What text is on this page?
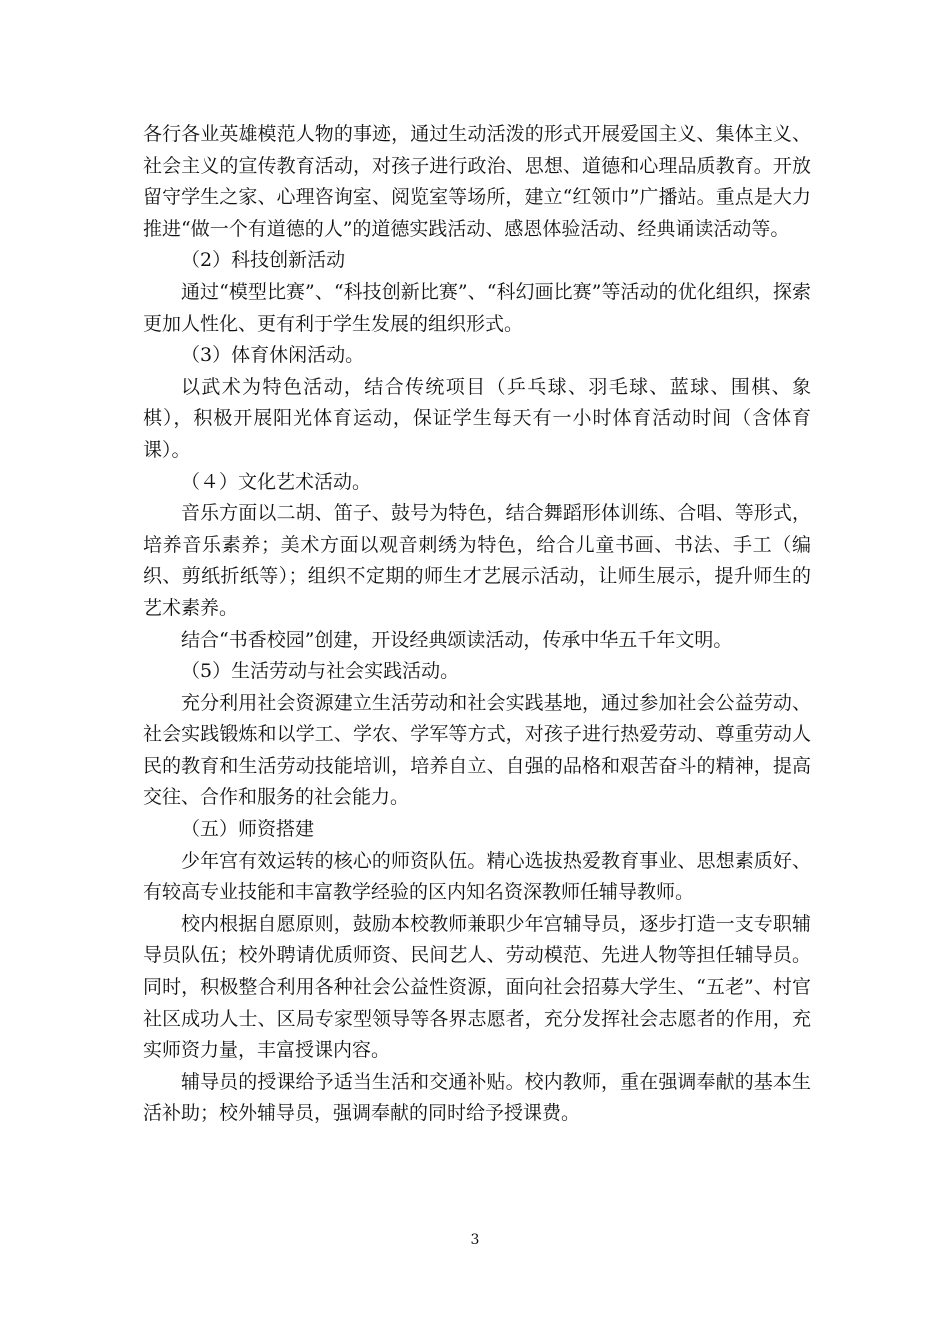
各行各业英雄模范人物的事迹，通过生动活泼的形式开展爱国主义、集体主义、社会主义的宣传教育活动，对孩子进行政治、思想、道德和心理品质教育。开放留守学生之家、心理咨询室、阅览室等场所，建立“红领巾”广播站。重点是大力推进“做一个有道德的人”的道德实践活动、感恩体验活动、经典诵读活动等。

（2）科技创新活动

通过“模型比赛”、“科技创新比赛”、“科幻画比赛”等活动的优化组织，探索更加人性化、更有利于学生发展的组织形式。

（3）体育休闲活动。

以武术为特色活动，结合传统项目（乒乓球、羽毛球、蓝球、围棋、象棋），积极开展阳光体育运动，保证学生每天有一小时体育活动时间（含体育课）。

（４）文化艺术活动。

音乐方面以二胡、笛子、鼓号为特色，结合舞蹈形体训练、合唱、等形式，培养音乐素养；美术方面以观音刺绣为特色，给合儿童书画、书法、手工（编织、剪纸折纸等）；组织不定期的师生才艺展示活动，让师生展示，提升师生的艺术素养。

结合“书香校园”创建，开设经典颂读活动，传承中华五千年文明。

（5）生活劳动与社会实践活动。

充分利用社会资源建立生活劳动和社会实践基地，通过参加社会公益劳动、社会实践锻炼和以学工、学农、学军等方式，对孩子进行热爱劳动、尊重劳动人民的教育和生活劳动技能培训，培养自立、自强的品格和艰苦奋斗的精神，提高交往、合作和服务的社会能力。

（五）师资搭建

少年宫有效运转的核心的师资队伍。精心选拔热爱教育事业、思想素质好、有较高专业技能和丰富教学经验的区内知名资深教师任辅导教师。

校内根据自愿原则，鼓励本校教师兼职少年宫辅导员，逐步打造一支专职辅导员队伍；校外聘请优质师资、民间艺人、劳动模范、先进人物等担任辅导员。同时，积极整合利用各种社会公益性资源，面向社会招募大学生、“五老”、村官社区成功人士、区局专家型领导等各界志愿者，充分发挥社会志愿者的作用，充实师资力量，丰富授课内容。

辅导员的授课给予适当生活和交通补贴。校内教师，重在强调奉献的基本生活补助；校外辅导员，强调奉献的同时给予授课费。

3
